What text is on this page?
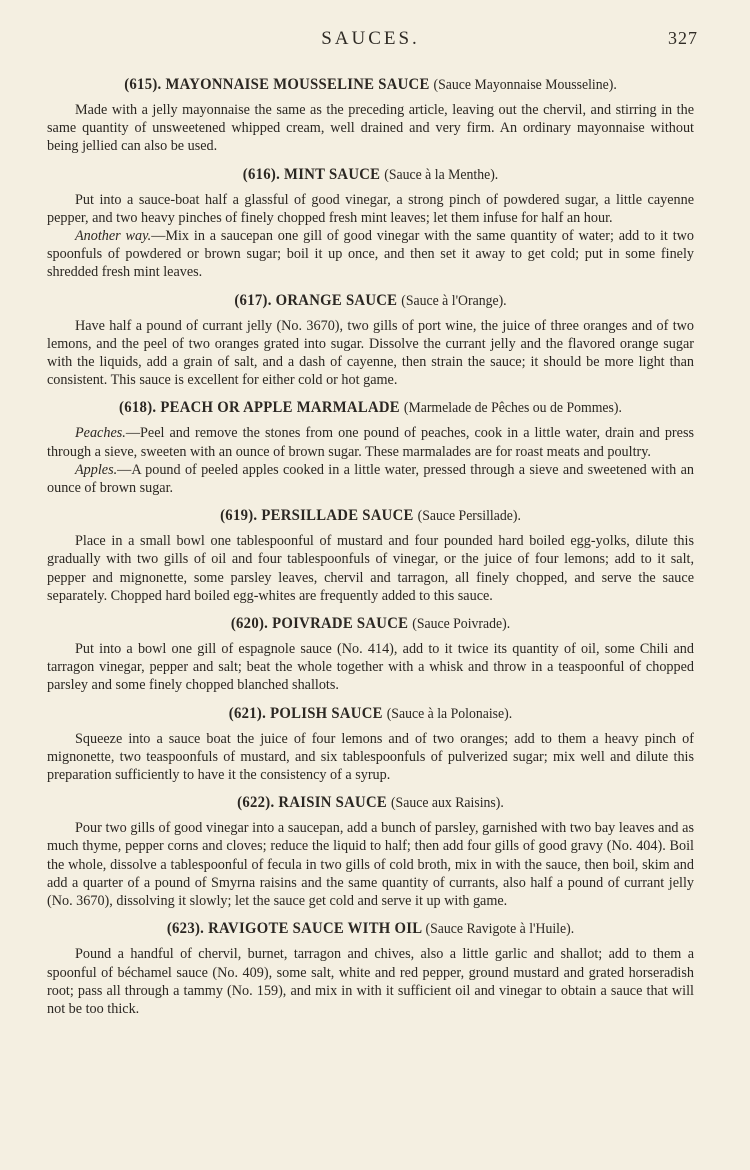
SAUCES.	327
(615). MAYONNAISE MOUSSELINE SAUCE (Sauce Mayonnaise Mousseline).

Made with a jelly mayonnaise the same as the preceding article, leaving out the chervil, and stirring in the same quantity of unsweetened whipped cream, well drained and very firm. An ordinary mayonnaise without being jellied can also be used.

(616). MINT SAUCE (Sauce à la Menthe).

Put into a sauce-boat half a glassful of good vinegar, a strong pinch of powdered sugar, a little cayenne pepper, and two heavy pinches of finely chopped fresh mint leaves; let them infuse for half an hour.

Another way.—Mix in a saucepan one gill of good vinegar with the same quantity of water; add to it two spoonfuls of powdered or brown sugar; boil it up once, and then set it away to get cold; put in some finely shredded fresh mint leaves.

(617). ORANGE SAUCE (Sauce à l'Orange).

Have half a pound of currant jelly (No. 3670), two gills of port wine, the juice of three oranges and of two lemons, and the peel of two oranges grated into sugar. Dissolve the currant jelly and the flavored orange sugar with the liquids, add a grain of salt, and a dash of cayenne, then strain the sauce; it should be more light than consistent. This sauce is excellent for either cold or hot game.

(618). PEACH OR APPLE MARMALADE (Marmelade de Pêches ou de Pommes).

Peaches.—Peel and remove the stones from one pound of peaches, cook in a little water, drain and press through a sieve, sweeten with an ounce of brown sugar. These marmalades are for roast meats and poultry.

Apples.—A pound of peeled apples cooked in a little water, pressed through a sieve and sweetened with an ounce of brown sugar.

(619). PERSILLADE SAUCE (Sauce Persillade).

Place in a small bowl one tablespoonful of mustard and four pounded hard boiled egg-yolks, dilute this gradually with two gills of oil and four tablespoonfuls of vinegar, or the juice of four lemons; add to it salt, pepper and mignonette, some parsley leaves, chervil and tarragon, all finely chopped, and serve the sauce separately. Chopped hard boiled egg-whites are frequently added to this sauce.

(620). POIVRADE SAUCE (Sauce Poivrade).

Put into a bowl one gill of espagnole sauce (No. 414), add to it twice its quantity of oil, some Chili and tarragon vinegar, pepper and salt; beat the whole together with a whisk and throw in a teaspoonful of chopped parsley and some finely chopped blanched shallots.

(621). POLISH SAUCE (Sauce à la Polonaise).

Squeeze into a sauce boat the juice of four lemons and of two oranges; add to them a heavy pinch of mignonette, two teaspoonfuls of mustard, and six tablespoonfuls of pulverized sugar; mix well and dilute this preparation sufficiently to have it the consistency of a syrup.

(622). RAISIN SAUCE (Sauce aux Raisins).

Pour two gills of good vinegar into a saucepan, add a bunch of parsley, garnished with two bay leaves and as much thyme, pepper corns and cloves; reduce the liquid to half; then add four gills of good gravy (No. 404). Boil the whole, dissolve a tablespoonful of fecula in two gills of cold broth, mix in with the sauce, then boil, skim and add a quarter of a pound of Smyrna raisins and the same quantity of currants, also half a pound of currant jelly (No. 3670), dissolving it slowly; let the sauce get cold and serve it up with game.

(623). RAVIGOTE SAUCE WITH OIL (Sauce Ravigote à l'Huile).

Pound a handful of chervil, burnet, tarragon and chives, also a little garlic and shallot; add to them a spoonful of béchamel sauce (No. 409), some salt, white and red pepper, ground mustard and grated horseradish root; pass all through a tammy (No. 159), and mix in with it sufficient oil and vinegar to obtain a sauce that will not be too thick.
